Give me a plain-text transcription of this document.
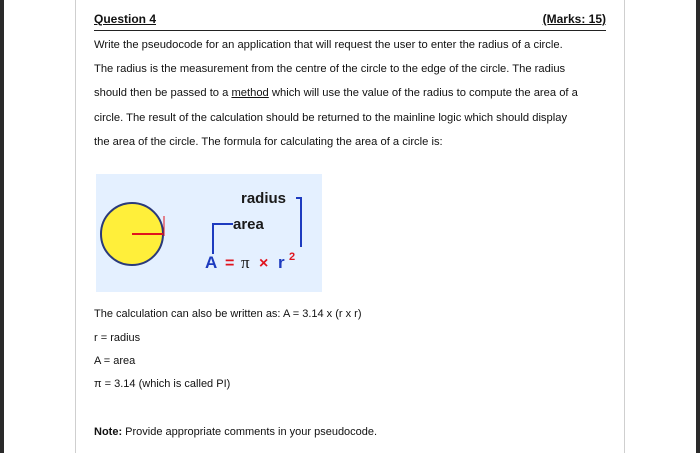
Question 4	(Marks: 15)
Write the pseudocode for an application that will request the user to enter the radius of a circle.
The radius is the measurement from the centre of the circle to the edge of the circle. The radius
should then be passed to a method which will use the value of the radius to compute the area of a
circle. The result of the calculation should be returned to the mainline logic which should display
the area of the circle. The formula for calculating the area of a circle is:
radius
area
A = π × r 2
The calculation can also be written as: A = 3.14 x (r x r)
r = radius
A = area
π = 3.14 (which is called PI)
Note: Provide appropriate comments in your pseudocode.
